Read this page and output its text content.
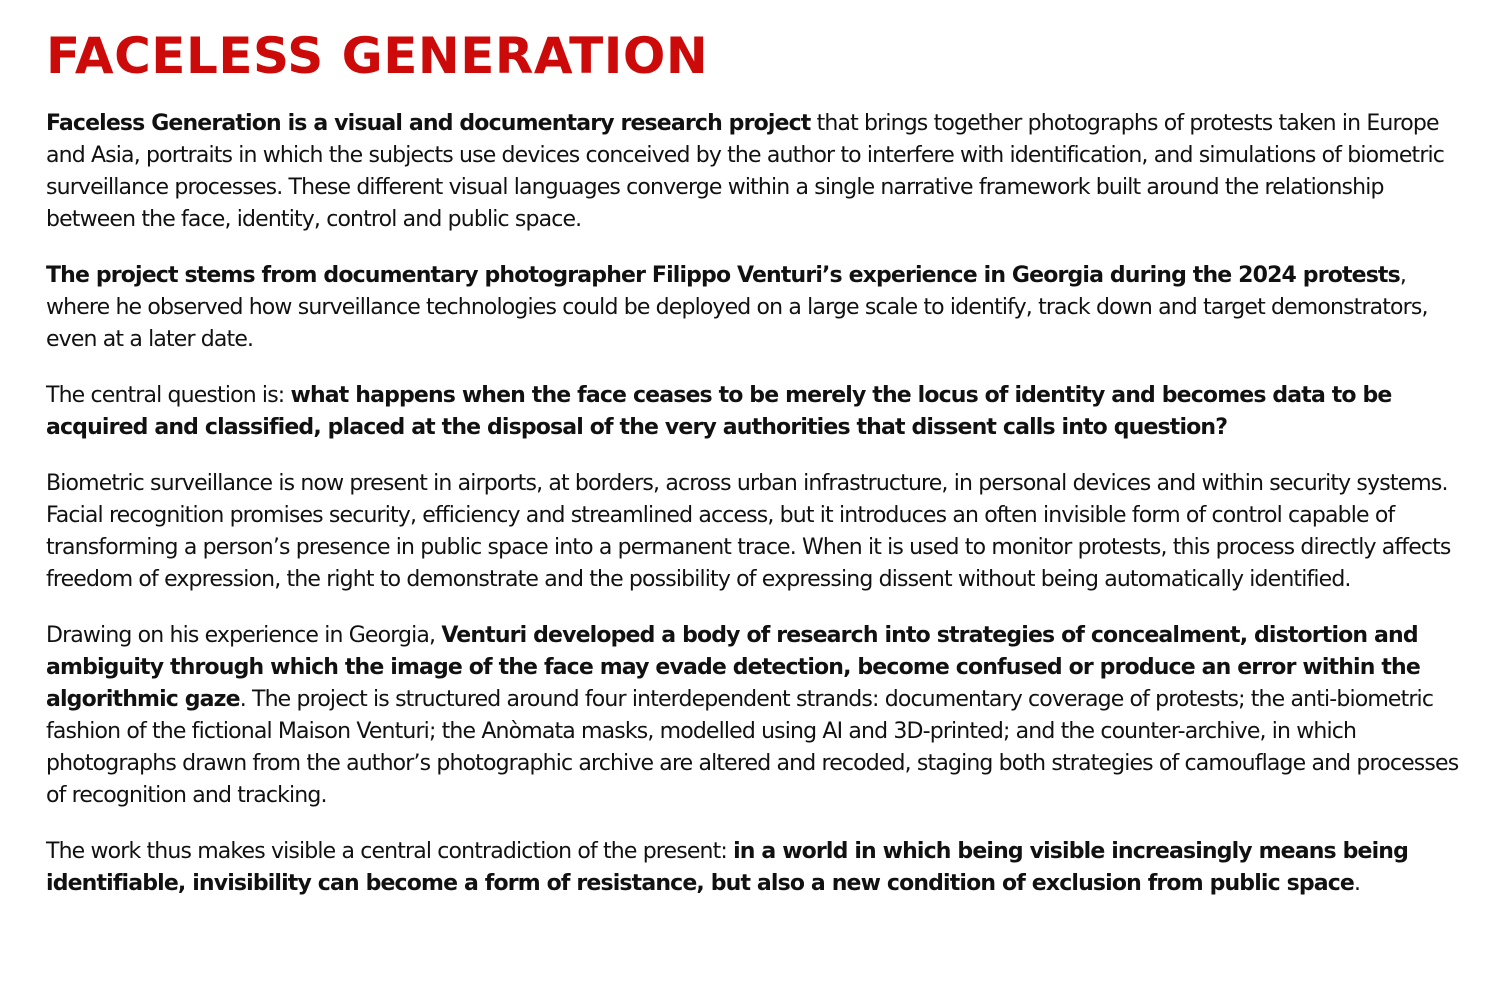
FACELESS GENERATION

Faceless Generation is a visual and documentary research project that brings together photographs of protests taken in Europe and Asia, portraits in which the subjects use devices conceived by the author to interfere with identification, and simulations of biometric surveillance processes. These different visual languages converge within a single narrative framework built around the relationship between the face, identity, control and public space.

The project stems from documentary photographer Filippo Venturi’s experience in Georgia during the 2024 protests, where he observed how surveillance technologies could be deployed on a large scale to identify, track down and target demonstrators, even at a later date.

The central question is: what happens when the face ceases to be merely the locus of identity and becomes data to be acquired and classified, placed at the disposal of the very authorities that dissent calls into question?

Biometric surveillance is now present in airports, at borders, across urban infrastructure, in personal devices and within security systems. Facial recognition promises security, efficiency and streamlined access, but it introduces an often invisible form of control capable of transforming a person’s presence in public space into a permanent trace. When it is used to monitor protests, this process directly affects freedom of expression, the right to demonstrate and the possibility of expressing dissent without being automatically identified.

Drawing on his experience in Georgia, Venturi developed a body of research into strategies of concealment, distortion and ambiguity through which the image of the face may evade detection, become confused or produce an error within the algorithmic gaze. The project is structured around four interdependent strands: documentary coverage of protests; the anti-biometric fashion of the fictional Maison Venturi; the Anòmata masks, modelled using AI and 3D-printed; and the counter-archive, in which photographs drawn from the author’s photographic archive are altered and recoded, staging both strategies of camouflage and processes of recognition and tracking.

The work thus makes visible a central contradiction of the present: in a world in which being visible increasingly means being identifiable, invisibility can become a form of resistance, but also a new condition of exclusion from public space.
